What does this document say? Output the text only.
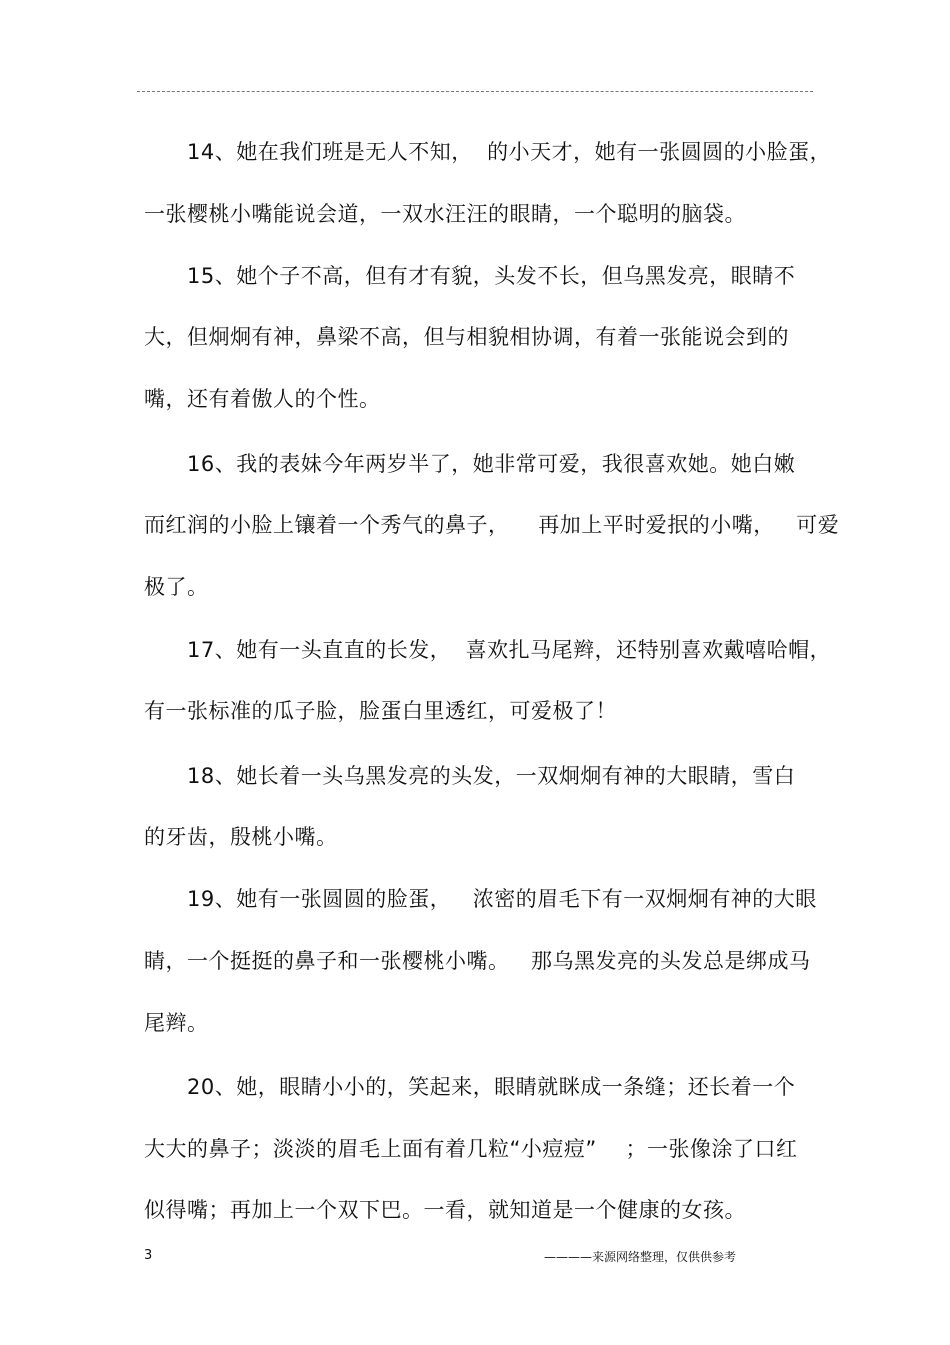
14、她在我们班是无人不知，  的小天才，她有一张圆圆的小脸蛋，
一张樱桃小嘴能说会道，一双水汪汪的眼睛，一个聪明的脑袋。
15、她个子不高，但有才有貌，头发不长，但乌黑发亮，眼睛不
大，但炯炯有神，鼻梁不高，但与相貌相协调，有着一张能说会到的
嘴，还有着傲人的个性。
16、我的表妹今年两岁半了，她非常可爱，我很喜欢她。她白嫩
而红润的小脸上镶着一个秀气的鼻子，    再加上平时爱抿的小嘴，   可爱
极了。
17、她有一头直直的长发，  喜欢扎马尾辫，还特别喜欢戴嘻哈帽，
有一张标准的瓜子脸，脸蛋白里透红，可爱极了！
18、她长着一头乌黑发亮的头发，一双炯炯有神的大眼睛，雪白
的牙齿，殷桃小嘴。
19、她有一张圆圆的脸蛋，   浓密的眉毛下有一双炯炯有神的大眼
睛，一个挺挺的鼻子和一张樱桃小嘴。   那乌黑发亮的头发总是绑成马
尾辫。
20、她，眼睛小小的，笑起来，眼睛就眯成一条缝；还长着一个
大大的鼻子；淡淡的眉毛上面有着几粒“小痘痘”    ；一张像涂了口红
似得嘴；再加上一个双下巴。一看，就知道是一个健康的女孩。
3	————来源网络整理，仅供供参考
